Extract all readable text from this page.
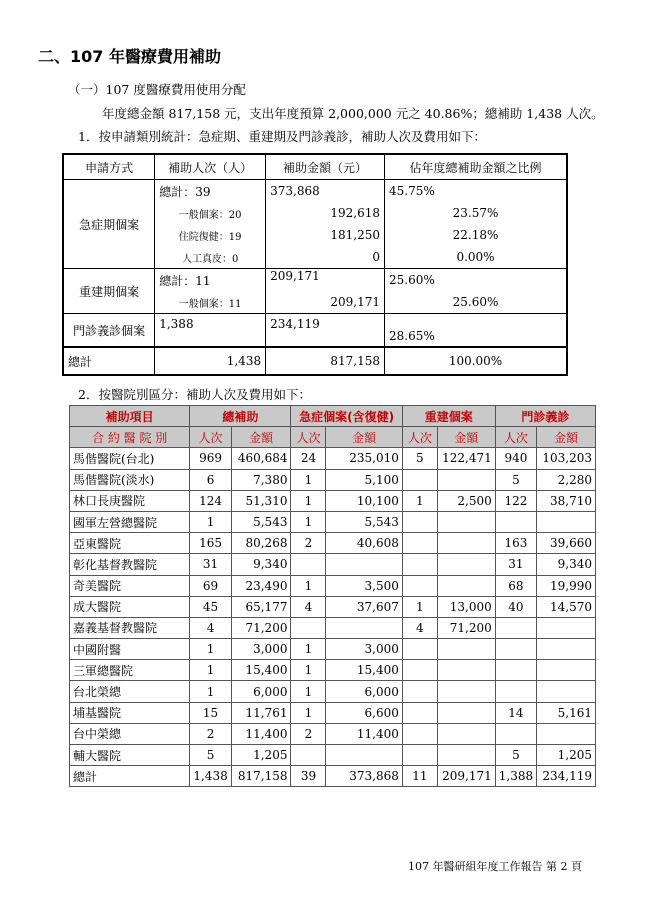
二、107 年醫療費用補助
（一）107 度醫療費用使用分配
年度總金額 817,158 元，支出年度預算 2,000,000 元之 40.86%；總補助 1,438 人次。
1．按申請類別統計：急症期、重建期及門診義診，補助人次及費用如下：
申請方式	補助人次（人）	補助金額（元）	佔年度總補助金額之比例
急症期個案	總計：39	373,868	45.75%
	一般個案：20	192,618	23.57%
	住院復健：19	181,250	22.18%
	人工真皮：0	0	0.00%
重建期個案	總計：11	209,171	25.60%
	一般個案：11	209,171	25.60%
門診義診個案	1,388	234,119	28.65%
總計	1,438	817,158	100.00%
2．按醫院別區分：補助人次及費用如下：
補助項目	總補助		急症個案(含復健)		重建個案		門診義診	
合 約 醫 院 別	人次	金額	人次	金額	人次	金額	人次	金額
馬偕醫院(台北)	969	460,684	24	235,010	5	122,471	940	103,203
馬偕醫院(淡水)	6	7,380	1	5,100			5	2,280
林口長庚醫院	124	51,310	1	10,100	1	2,500	122	38,710
國軍左營總醫院	1	5,543	1	5,543				
亞東醫院	165	80,268	2	40,608			163	39,660
彰化基督教醫院	31	9,340					31	9,340
奇美醫院	69	23,490	1	3,500			68	19,990
成大醫院	45	65,177	4	37,607	1	13,000	40	14,570
嘉義基督教醫院	4	71,200			4	71,200		
中國附醫	1	3,000	1	3,000				
三軍總醫院	1	15,400	1	15,400				
台北榮總	1	6,000	1	6,000				
埔基醫院	15	11,761	1	6,600			14	5,161
台中榮總	2	11,400	2	11,400				
輔大醫院	5	1,205					5	1,205
總計	1,438	817,158	39	373,868	11	209,171	1,388	234,119
107 年醫研組年度工作報告 第 2 頁
